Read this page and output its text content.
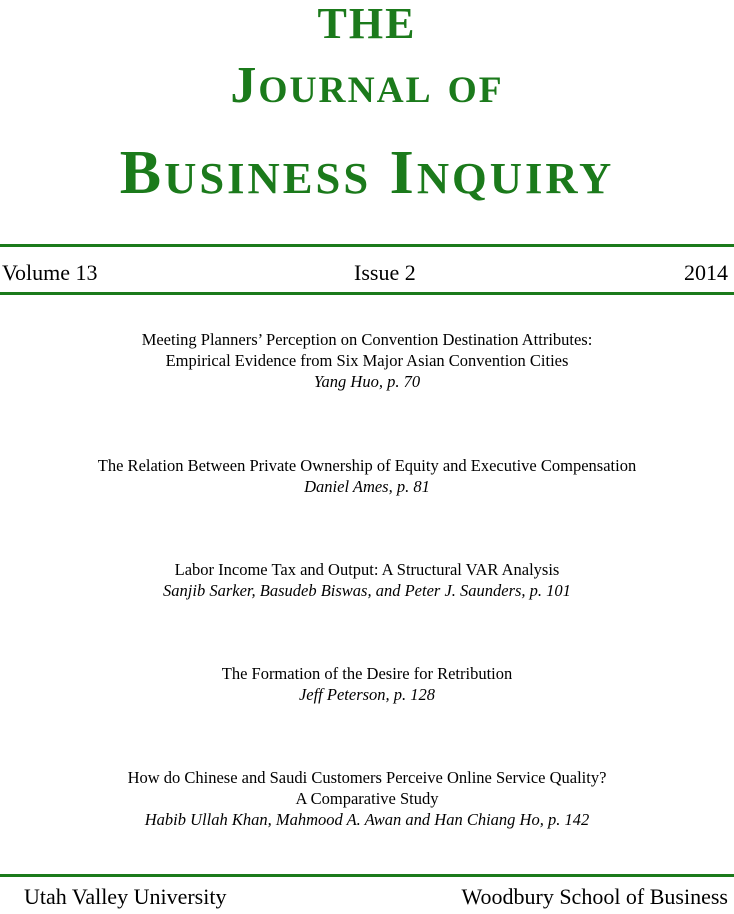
THE
JOURNAL OF
BUSINESS INQUIRY
Volume 13	Issue 2	2014
Meeting Planners’ Perception on Convention Destination Attributes:
Empirical Evidence from Six Major Asian Convention Cities
Yang Huo, p. 70
The Relation Between Private Ownership of Equity and Executive Compensation
Daniel Ames, p. 81
Labor Income Tax and Output: A Structural VAR Analysis
Sanjib Sarker, Basudeb Biswas, and Peter J. Saunders, p. 101
The Formation of the Desire for Retribution
Jeff Peterson, p. 128
How do Chinese and Saudi Customers Perceive Online Service Quality?
A Comparative Study
Habib Ullah Khan, Mahmood A. Awan and Han Chiang Ho, p. 142
Utah Valley University	Woodbury School of Business
